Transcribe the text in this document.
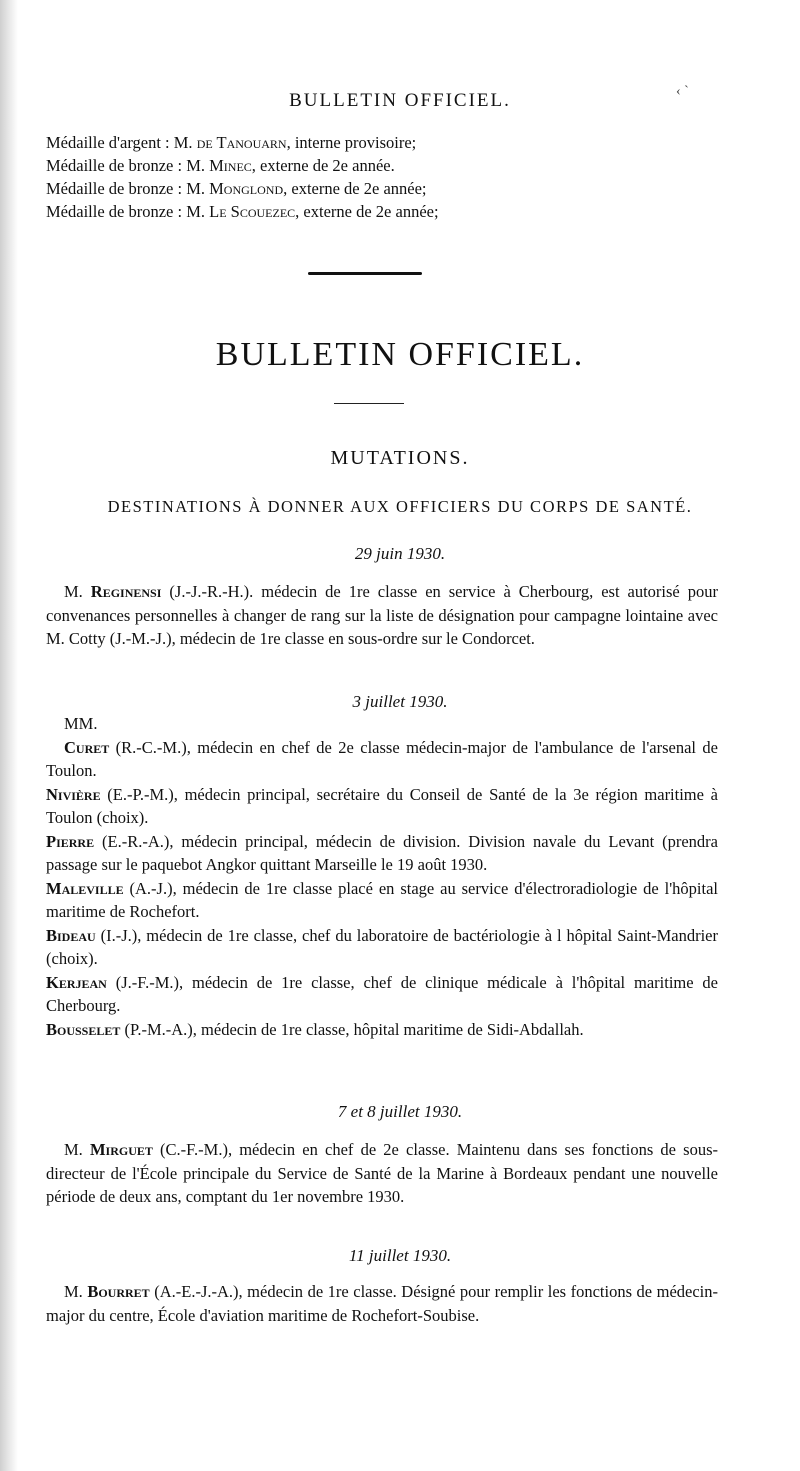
BULLETIN OFFICIEL.	‹ `
Médaille d'argent : M. de Tanouarn, interne provisoire;
Médaille de bronze : M. Minec, externe de 2e année.
Médaille de bronze : M. Monglond, externe de 2e année;
Médaille de bronze : M. Le Scouezec, externe de 2e année;
BULLETIN OFFICIEL.
MUTATIONS.
DESTINATIONS À DONNER AUX OFFICIERS DU CORPS DE SANTÉ.
29 juin 1930.

M. Reginensi (J.-J.-R.-H.). médecin de 1re classe en service à Cherbourg, est autorisé pour convenances personnelles à changer de rang sur la liste de désignation pour campagne lointaine avec M. Cotty (J.-M.-J.), médecin de 1re classe en sous-ordre sur le Condorcet.

3 juillet 1930.

MM.

Curet (R.-C.-M.), médecin en chef de 2e classe médecin-major de l'ambulance de l'arsenal de Toulon.

Nivière (E.-P.-M.), médecin principal, secrétaire du Conseil de Santé de la 3e région maritime à Toulon (choix).

Pierre (E.-R.-A.), médecin principal, médecin de division. Division navale du Levant (prendra passage sur le paquebot Angkor quittant Marseille le 19 août 1930.

Maleville (A.-J.), médecin de 1re classe placé en stage au service d'électroradiologie de l'hôpital maritime de Rochefort.

Bideau (I.-J.), médecin de 1re classe, chef du laboratoire de bactériologie à l hôpital Saint-Mandrier (choix).

Kerjean (J.-F.-M.), médecin de 1re classe, chef de clinique médicale à l'hôpital maritime de Cherbourg.

Bousselet (P.-M.-A.), médecin de 1re classe, hôpital maritime de Sidi-Abdallah.

7 et 8 juillet 1930.

M. Mirguet (C.-F.-M.), médecin en chef de 2e classe. Maintenu dans ses fonctions de sous-directeur de l'École principale du Service de Santé de la Marine à Bordeaux pendant une nouvelle période de deux ans, comptant du 1er novembre 1930.

11 juillet 1930.

M. Bourret (A.-E.-J.-A.), médecin de 1re classe. Désigné pour remplir les fonctions de médecin-major du centre, École d'aviation maritime de Rochefort-Soubise.
